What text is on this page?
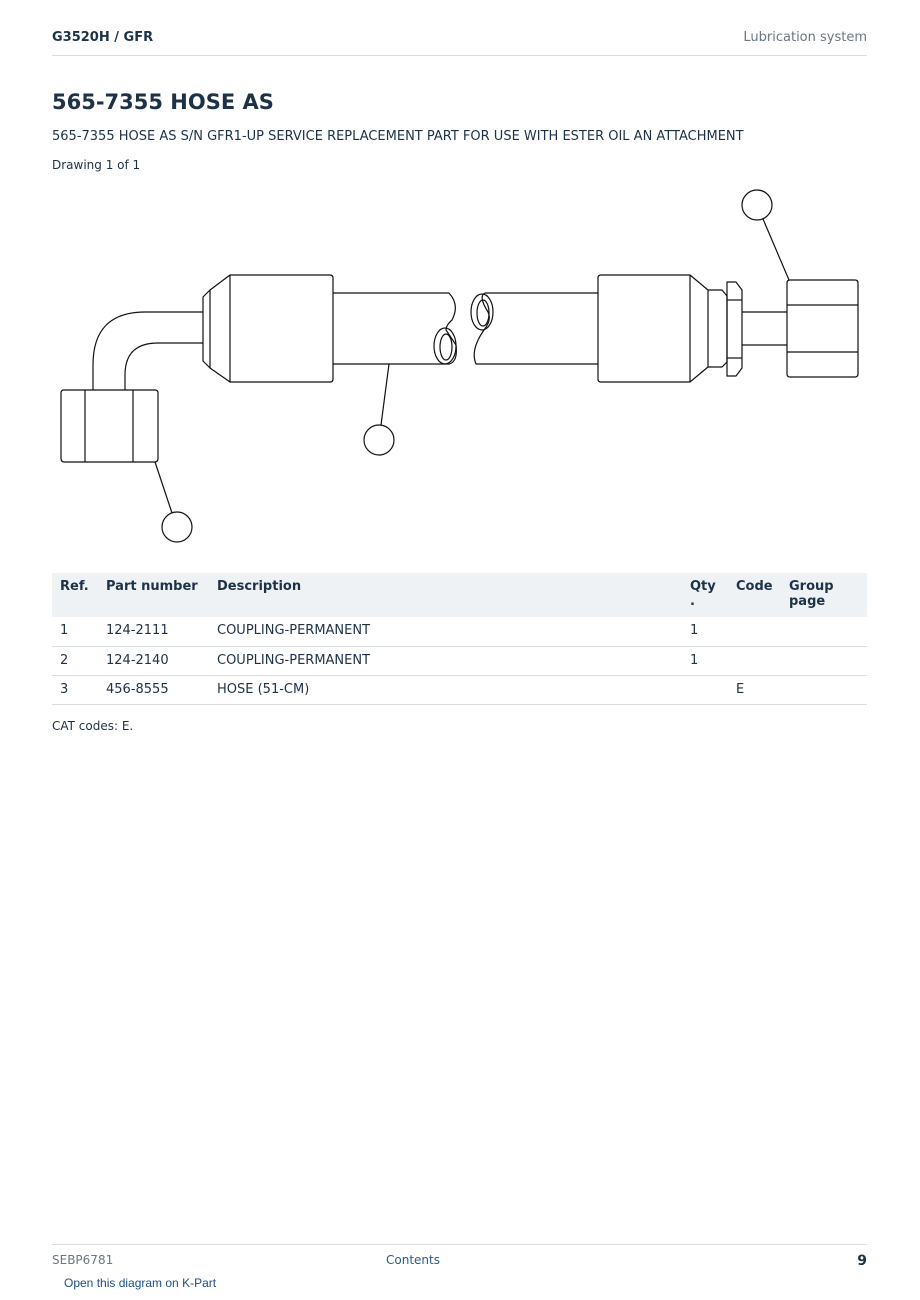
G3520H / GFR	Lubrication system
565-7355 HOSE AS
565-7355 HOSE AS S/N GFR1-UP SERVICE REPLACEMENT PART FOR USE WITH ESTER OIL AN ATTACHMENT
Drawing 1 of 1
Ref.	Part number	Description	Qty .	Code	Group page
1	124-2111	COUPLING-PERMANENT	1		
2	124-2140	COUPLING-PERMANENT	1		
3	456-8555	HOSE (51-CM)		E	
CAT codes: E.
SEBP6781	Contents	9
Open this diagram on K-Part
